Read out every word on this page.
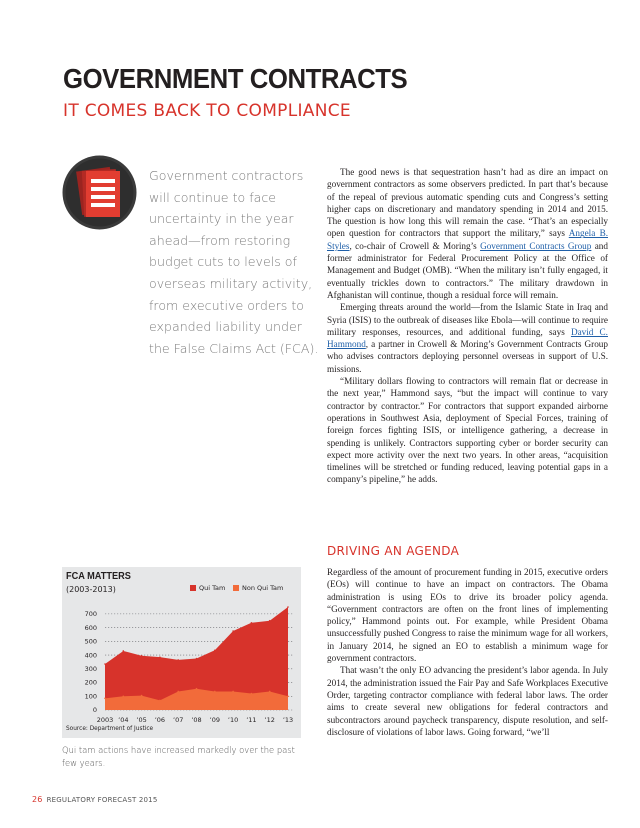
GOVERNMENT CONTRACTS
IT COMES BACK TO COMPLIANCE
Government contractors will continue to face uncertainty in the year ahead—from restoring budget cuts to levels of overseas military activity, from executive orders to expanded liability under the False Claims Act (FCA).

The good news is that sequestration hasn’t had as dire an impact on government contractors as some observers predicted. In part that’s because of the repeal of previous automatic spending cuts and Congress’s setting higher caps on discretionary and mandatory spending in 2014 and 2015. The question is how long this will remain the case. “That’s an especially open question for contractors that support the military,” says Angela B. Styles, co-chair of Crowell & Moring’s Government Contracts Group and former administrator for Federal Procurement Policy at the Office of Management and Budget (OMB). “When the military isn’t fully engaged, it eventually trickles down to contractors.” The military drawdown in Afghanistan will continue, though a residual force will remain.

Emerging threats around the world—from the Islamic State in Iraq and Syria (ISIS) to the outbreak of diseases like Ebola—will continue to require military responses, resources, and additional funding, says David C. Hammond, a partner in Crowell & Moring’s Government Contracts Group who advises contractors deploying personnel overseas in support of U.S. missions.

“Military dollars flowing to contractors will remain flat or decrease in the next year,” Hammond says, “but the impact will continue to vary contractor by contractor.” For contractors that support expanded airborne operations in Southwest Asia, deployment of Special Forces, training of foreign forces fighting ISIS, or intelligence gathering, a decrease in spending is unlikely. Contractors supporting cyber or border security can expect more activity over the next two years. In other areas, “acquisition timelines will be stretched or funding reduced, leaving potential gaps in a company’s pipeline,” he adds.

DRIVING AN AGENDA

Regardless of the amount of procurement funding in 2015, executive orders (EOs) will continue to have an impact on contractors. The Obama administration is using EOs to drive its broader policy agenda. “Government contractors are often on the front lines of implementing policy,” Hammond points out. For example, while President Obama unsuccessfully pushed Congress to raise the minimum wage for all workers, in January 2014, he signed an EO to establish a minimum wage for government contractors.

That wasn’t the only EO advancing the president’s labor agenda. In July 2014, the administration issued the Fair Pay and Safe Workplaces Executive Order, targeting contractor compliance with federal labor laws. The order aims to create several new obligations for federal contractors and subcontractors around paycheck transparency, dispute resolution, and self-disclosure of violations of labor laws. Going forward, “we’ll

FCA MATTERS
(2003-2013)	Qui Tam	Non Qui Tam
0
100
200
300
400
500
600
700
2003 ’04 ’05 ’06 ’07 ’08 ’09 ’10 ’11 ’12 ’13
Source: Department of Justice
Qui tam actions have increased markedly over the past few years.
26 REGULATORY FORECAST 2015
